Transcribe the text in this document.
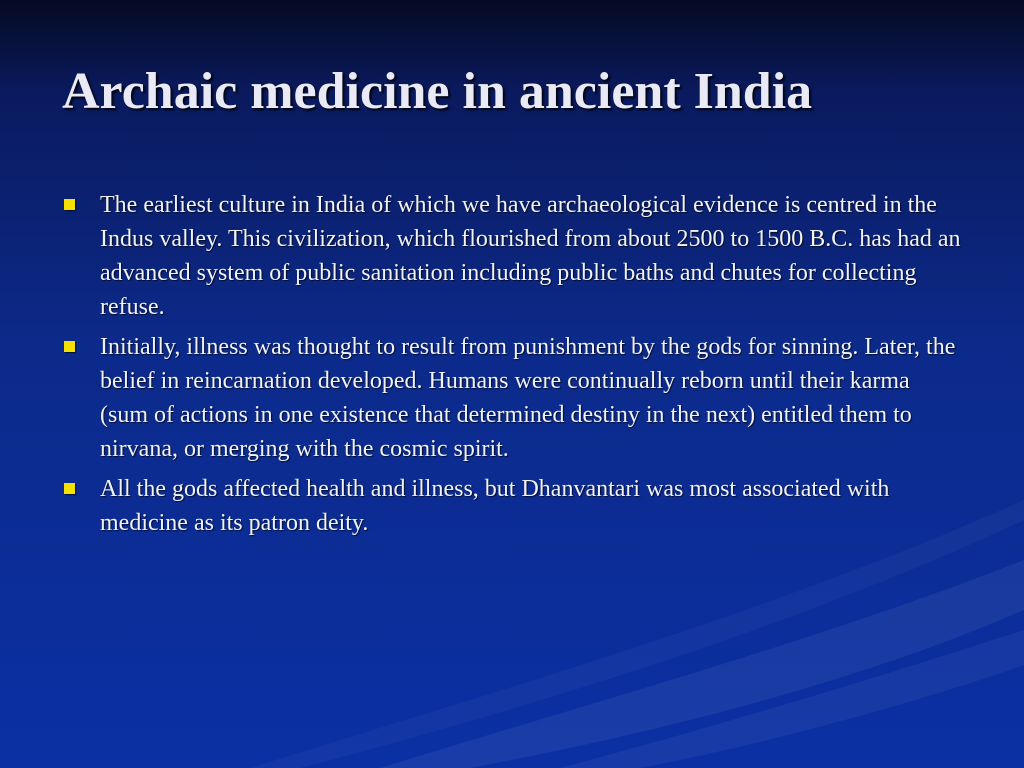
Archaic medicine in ancient India
The earliest culture in India of which we have archaeological evidence is centred in the Indus valley. This civilization, which flourished from about 2500 to 1500 B.C. has had an advanced system of public sanitation including public baths and chutes for collecting refuse.
Initially, illness was thought to result from punishment by the gods for sinning. Later, the belief in reincarnation developed. Humans were continually reborn until their karma (sum of actions in one existence that determined destiny in the next) entitled them to nirvana, or merging with the cosmic spirit.
All the gods affected health and illness, but Dhanvantari was most associated with medicine as its patron deity.
